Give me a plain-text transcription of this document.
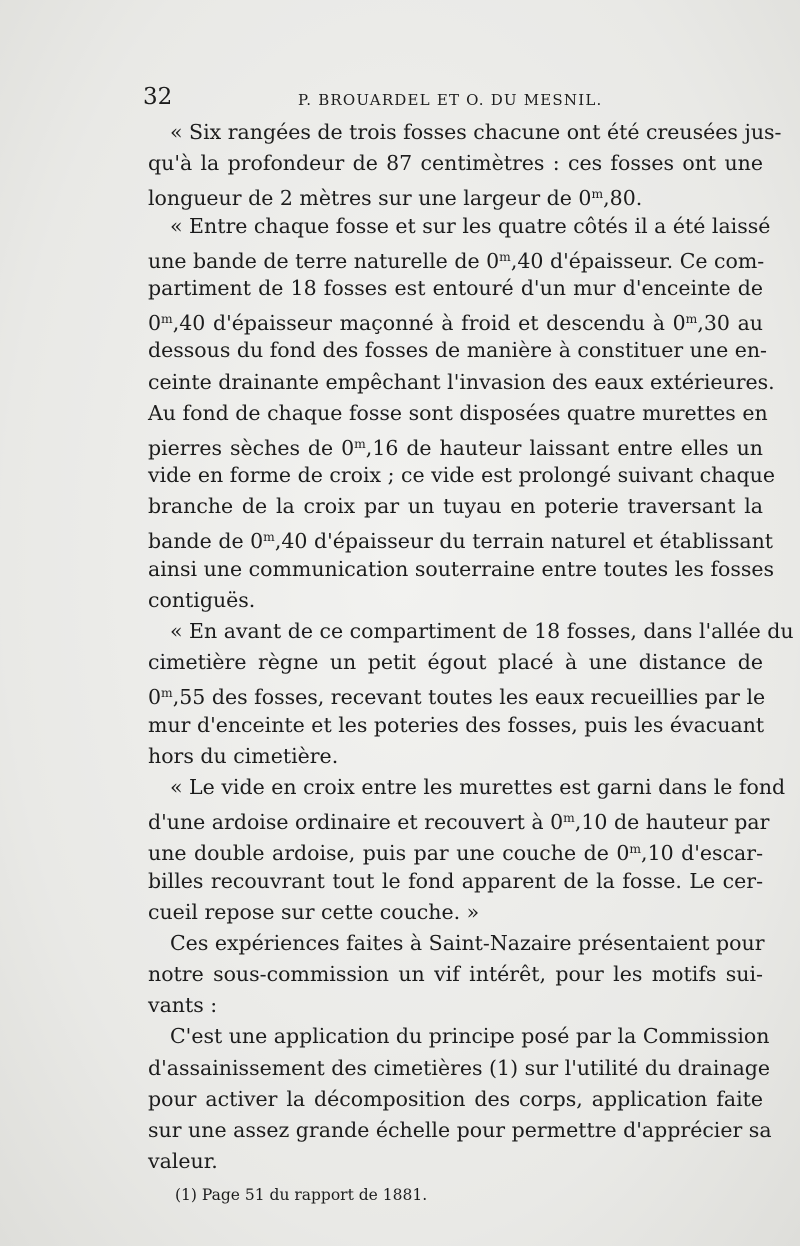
32	P. BROUARDEL ET O. DU MESNIL.
« Six rangées de trois fosses chacune ont été creusées jus-
qu'à la profondeur de 87 centimètres : ces fosses ont une
longueur de 2 mètres sur une largeur de 0$^m$,80.
« Entre chaque fosse et sur les quatre côtés il a été laissé
une bande de terre naturelle de 0$^m$,40 d'épaisseur. Ce com-
partiment de 18 fosses est entouré d'un mur d'enceinte de
0$^m$,40 d'épaisseur maçonné à froid et descendu à 0$^m$,30 au
dessous du fond des fosses de manière à constituer une en-
ceinte drainante empêchant l'invasion des eaux extérieures.
Au fond de chaque fosse sont disposées quatre murettes en
pierres sèches de 0$^m$,16 de hauteur laissant entre elles un
vide en forme de croix ; ce vide est prolongé suivant chaque
branche de la croix par un tuyau en poterie traversant la
bande de 0$^m$,40 d'épaisseur du terrain naturel et établissant
ainsi une communication souterraine entre toutes les fosses
contiguës.
« En avant de ce compartiment de 18 fosses, dans l'allée du
cimetière règne un petit égout placé à une distance de
0$^m$,55 des fosses, recevant toutes les eaux recueillies par le
mur d'enceinte et les poteries des fosses, puis les évacuant
hors du cimetière.
« Le vide en croix entre les murettes est garni dans le fond
d'une ardoise ordinaire et recouvert à 0$^m$,10 de hauteur par
une double ardoise, puis par une couche de 0$^m$,10 d'escar-
billes recouvrant tout le fond apparent de la fosse. Le cer-
cueil repose sur cette couche. »
Ces expériences faites à Saint-Nazaire présentaient pour
notre sous-commission un vif intérêt, pour les motifs sui-
vants :
C'est une application du principe posé par la Commission
d'assainissement des cimetières (1) sur l'utilité du drainage
pour activer la décomposition des corps, application faite
sur une assez grande échelle pour permettre d'apprécier sa
valeur.
(1) Page 51 du rapport de 1881.
